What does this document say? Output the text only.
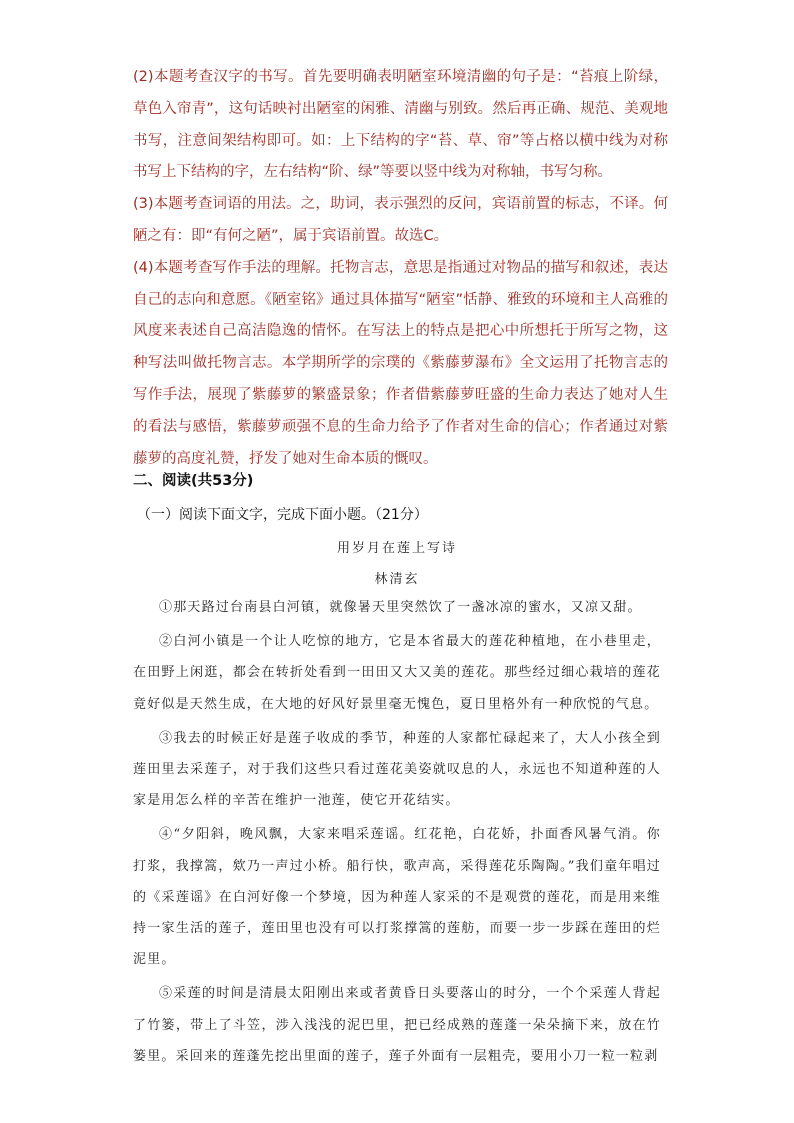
(2)本题考查汉字的书写。首先要明确表明陋室环境清幽的句子是：“苔痕上阶绿，草色入帘青”，这句话映衬出陋室的闲雅、清幽与别致。然后再正确、规范、美观地书写，注意间架结构即可。如：上下结构的字“苔、草、帘”等占格以横中线为对称书写上下结构的字，左右结构“阶、绿”等要以竖中线为对称轴，书写匀称。

(3)本题考查词语的用法。之，助词，表示强烈的反问，宾语前置的标志，不译。何陋之有：即“有何之陋”，属于宾语前置。故选C。

(4)本题考查写作手法的理解。托物言志，意思是指通过对物品的描写和叙述，表达自己的志向和意愿。《陋室铭》通过具体描写“陋室”恬静、雅致的环境和主人高雅的风度来表述自己高洁隐逸的情怀。在写法上的特点是把心中所想托于所写之物，这种写法叫做托物言志。本学期所学的宗璞的《紫藤萝瀑布》全文运用了托物言志的写作手法，展现了紫藤萝的繁盛景象；作者借紫藤萝旺盛的生命力表达了她对人生的看法与感悟，紫藤萝顽强不息的生命力给予了作者对生命的信心；作者通过对紫藤萝的高度礼赞，抒发了她对生命本质的慨叹。

二、阅读(共53分)
（一）阅读下面文字，完成下面小题。（21分）
用岁月在莲上写诗
林清玄

①那天路过台南县白河镇，就像暑天里突然饮了一盏冰凉的蜜水，又凉又甜。

②白河小镇是一个让人吃惊的地方，它是本省最大的莲花种植地，在小巷里走，在田野上闲逛，都会在转折处看到一田田又大又美的莲花。那些经过细心栽培的莲花竟好似是天然生成，在大地的好风好景里毫无愧色，夏日里格外有一种欣悦的气息。

③我去的时候正好是莲子收成的季节，种莲的人家都忙碌起来了，大人小孩全到莲田里去采莲子，对于我们这些只看过莲花美姿就叹息的人，永远也不知道种莲的人家是用怎么样的辛苦在维护一池莲，使它开花结实。

④“夕阳斜，晚风飘，大家来唱采莲谣。红花艳，白花娇，扑面香风暑气消。你打浆，我撑篙，欸乃一声过小桥。船行快，歌声高，采得莲花乐陶陶。”我们童年唱过的《采莲谣》在白河好像一个梦境，因为种莲人家采的不是观赏的莲花，而是用来维持一家生活的莲子，莲田里也没有可以打浆撑篙的莲舫，而要一步一步踩在莲田的烂泥里。

⑤采莲的时间是清晨太阳刚出来或者黄昏日头要落山的时分，一个个采莲人背起了竹篓，带上了斗笠，涉入浅浅的泥巴里，把已经成熟的莲蓬一朵朵摘下来，放在竹篓里。采回来的莲蓬先挖出里面的莲子，莲子外面有一层粗壳，要用小刀一粒一粒剥
